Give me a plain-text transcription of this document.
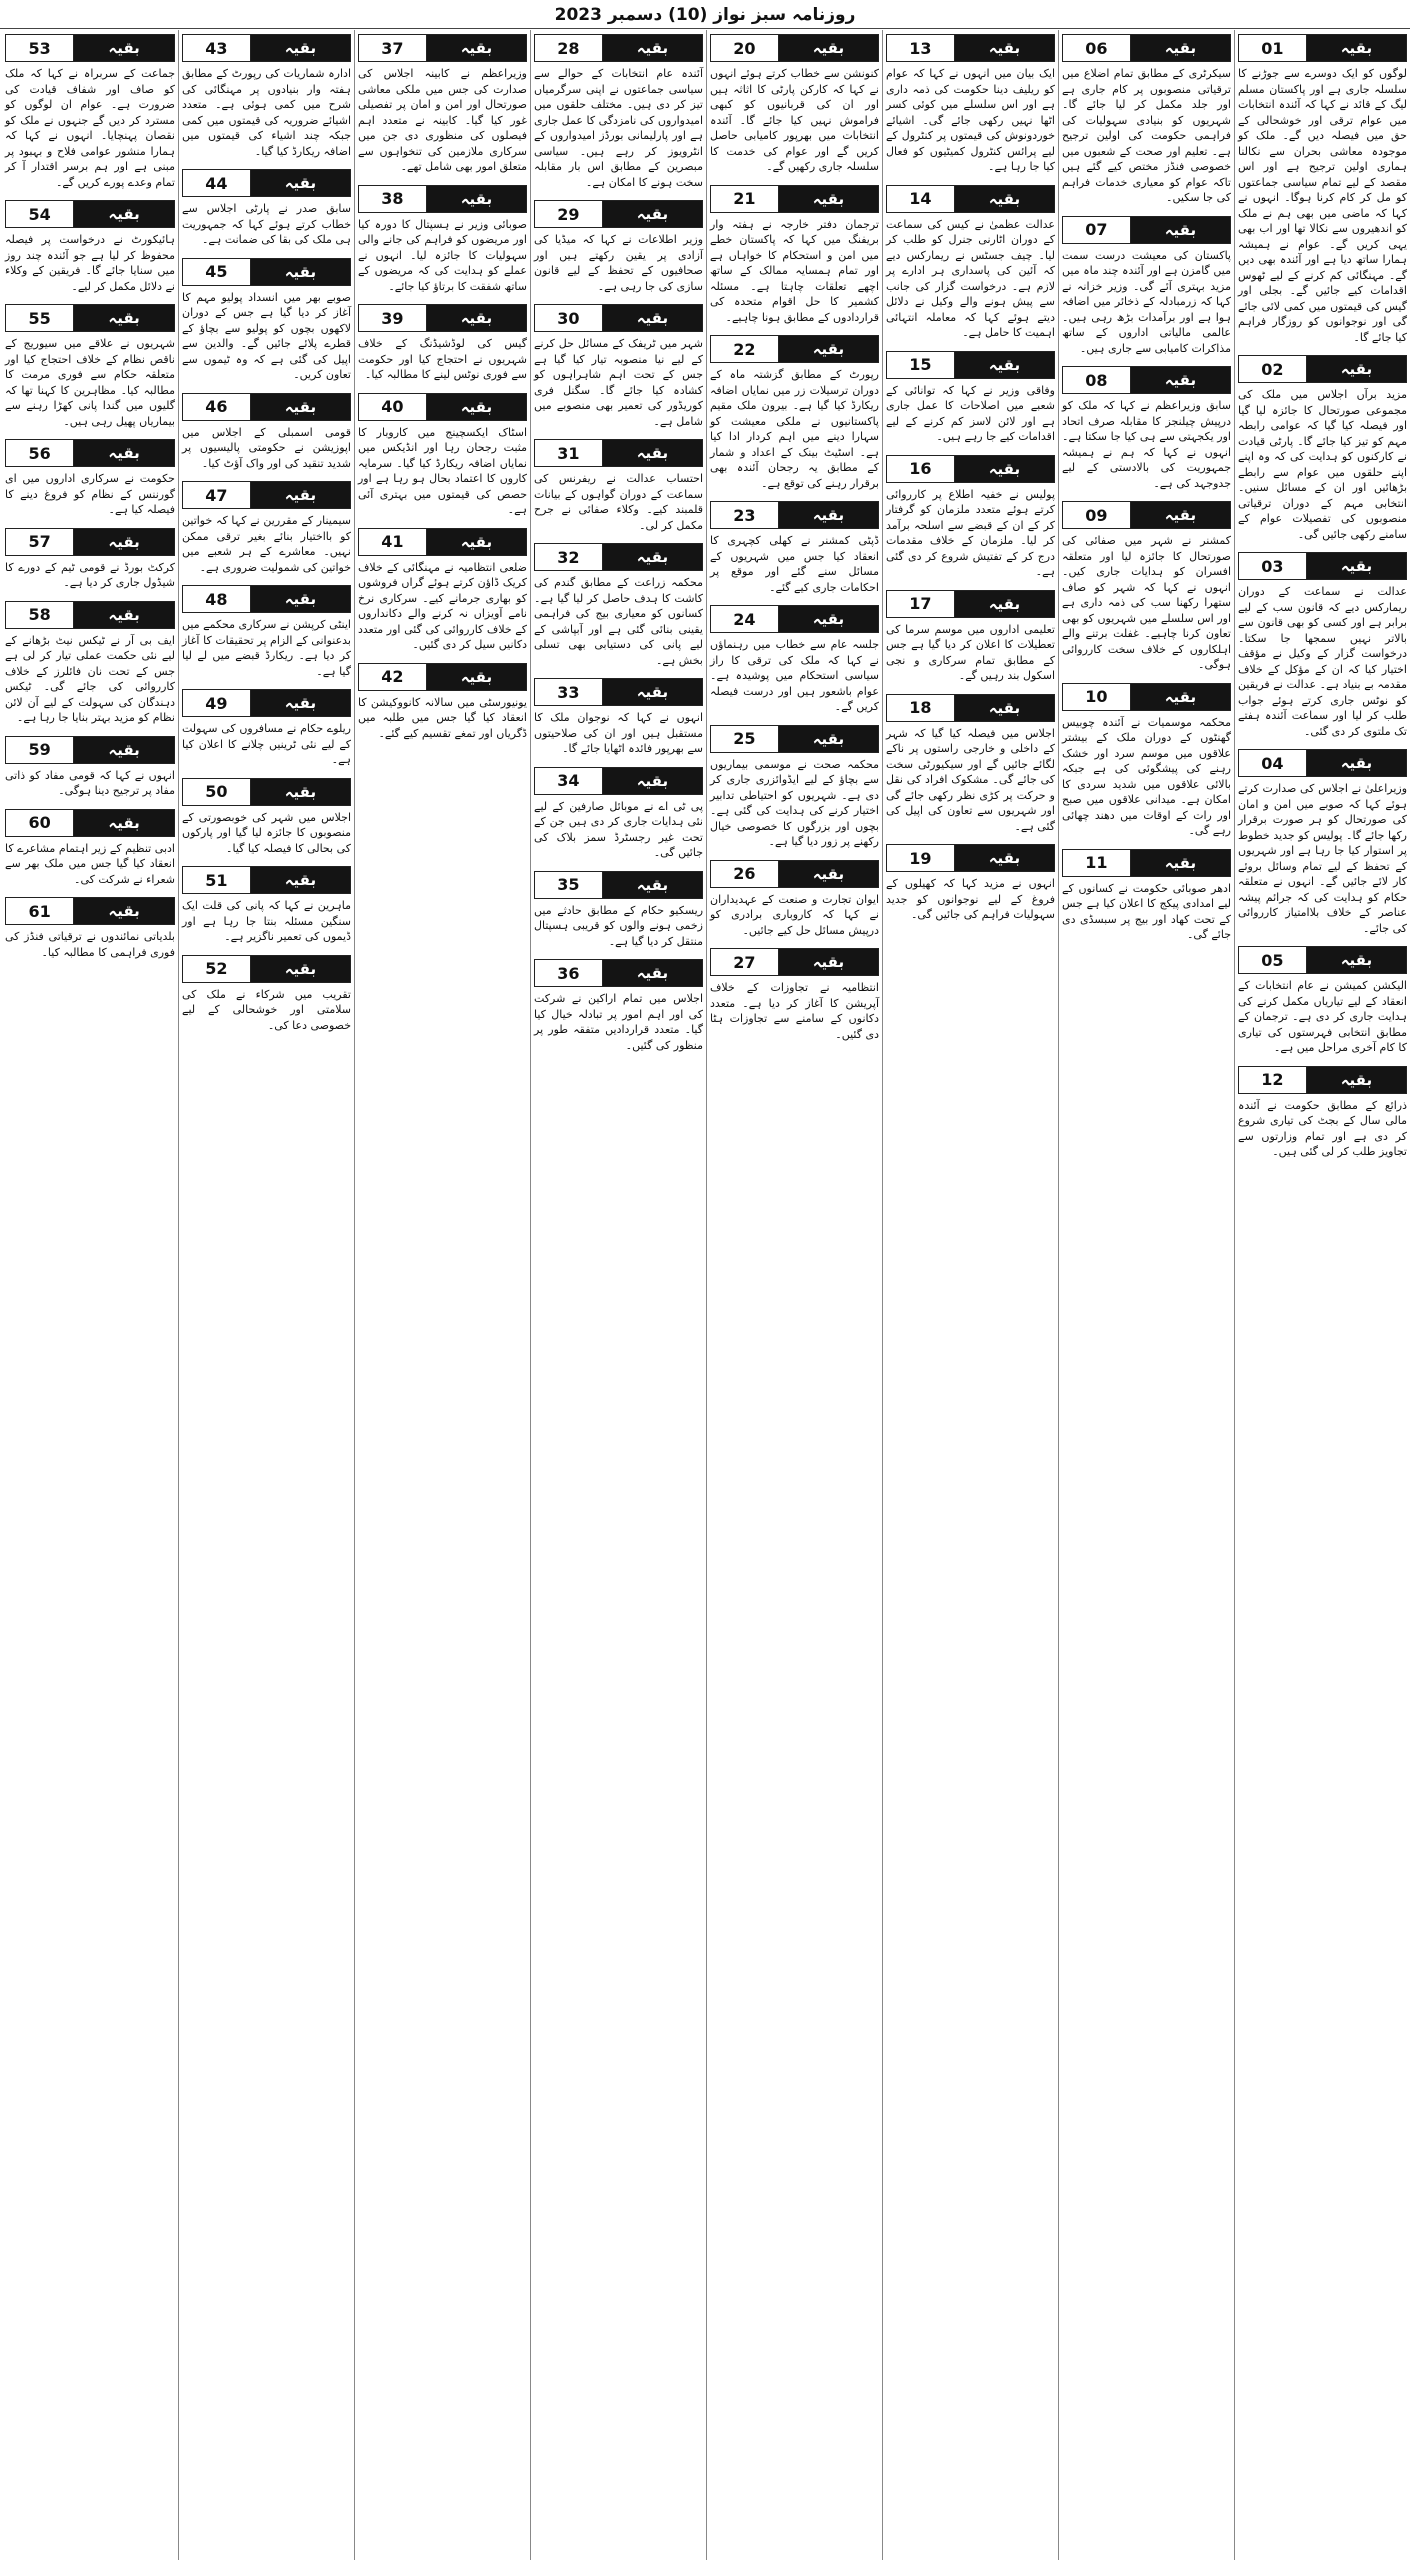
روزنامہ سبز نواز (10) دسمبر 2023
01	بقیہ

لوگوں کو ایک دوسرے سے جوڑنے کا سلسلہ جاری ہے اور پاکستان مسلم لیگ کے قائد نے کہا کہ آئندہ انتخابات میں عوام ترقی اور خوشحالی کے حق میں فیصلہ دیں گے۔ ملک کو موجودہ معاشی بحران سے نکالنا ہماری اولین ترجیح ہے اور اس مقصد کے لیے تمام سیاسی جماعتوں کو مل کر کام کرنا ہوگا۔ انہوں نے کہا کہ ماضی میں بھی ہم نے ملک کو اندھیروں سے نکالا تھا اور اب بھی یہی کریں گے۔ عوام نے ہمیشہ ہمارا ساتھ دیا ہے اور آئندہ بھی دیں گے۔ مہنگائی کم کرنے کے لیے ٹھوس اقدامات کیے جائیں گے۔ بجلی اور گیس کی قیمتوں میں کمی لائی جائے گی اور نوجوانوں کو روزگار فراہم کیا جائے گا۔

02	بقیہ

مزید برآں اجلاس میں ملک کی مجموعی صورتحال کا جائزہ لیا گیا اور فیصلہ کیا گیا کہ عوامی رابطہ مہم کو تیز کیا جائے گا۔ پارٹی قیادت نے کارکنوں کو ہدایت کی کہ وہ اپنے اپنے حلقوں میں عوام سے رابطے بڑھائیں اور ان کے مسائل سنیں۔ انتخابی مہم کے دوران ترقیاتی منصوبوں کی تفصیلات عوام کے سامنے رکھی جائیں گی۔

03	بقیہ

عدالت نے سماعت کے دوران ریمارکس دیے کہ قانون سب کے لیے برابر ہے اور کسی کو بھی قانون سے بالاتر نہیں سمجھا جا سکتا۔ درخواست گزار کے وکیل نے مؤقف اختیار کیا کہ ان کے مؤکل کے خلاف مقدمہ بے بنیاد ہے۔ عدالت نے فریقین کو نوٹس جاری کرتے ہوئے جواب طلب کر لیا اور سماعت آئندہ ہفتے تک ملتوی کر دی گئی۔

04	بقیہ

وزیراعلیٰ نے اجلاس کی صدارت کرتے ہوئے کہا کہ صوبے میں امن و امان کی صورتحال کو ہر صورت برقرار رکھا جائے گا۔ پولیس کو جدید خطوط پر استوار کیا جا رہا ہے اور شہریوں کے تحفظ کے لیے تمام وسائل بروئے کار لائے جائیں گے۔ انہوں نے متعلقہ حکام کو ہدایت کی کہ جرائم پیشہ عناصر کے خلاف بلاامتیاز کارروائی کی جائے۔

05	بقیہ

الیکشن کمیشن نے عام انتخابات کے انعقاد کے لیے تیاریاں مکمل کرنے کی ہدایت جاری کر دی ہے۔ ترجمان کے مطابق انتخابی فہرستوں کی تیاری کا کام آخری مراحل میں ہے۔

12	بقیہ

ذرائع کے مطابق حکومت نے آئندہ مالی سال کے بجٹ کی تیاری شروع کر دی ہے اور تمام وزارتوں سے تجاویز طلب کر لی گئی ہیں۔

06	بقیہ

سیکرٹری کے مطابق تمام اضلاع میں ترقیاتی منصوبوں پر کام جاری ہے اور جلد مکمل کر لیا جائے گا۔ شہریوں کو بنیادی سہولیات کی فراہمی حکومت کی اولین ترجیح ہے۔ تعلیم اور صحت کے شعبوں میں خصوصی فنڈز مختص کیے گئے ہیں تاکہ عوام کو معیاری خدمات فراہم کی جا سکیں۔

07	بقیہ

پاکستان کی معیشت درست سمت میں گامزن ہے اور آئندہ چند ماہ میں مزید بہتری آئے گی۔ وزیر خزانہ نے کہا کہ زرمبادلہ کے ذخائر میں اضافہ ہوا ہے اور برآمدات بڑھ رہی ہیں۔ عالمی مالیاتی اداروں کے ساتھ مذاکرات کامیابی سے جاری ہیں۔

08	بقیہ

سابق وزیراعظم نے کہا کہ ملک کو درپیش چیلنجز کا مقابلہ صرف اتحاد اور یکجہتی سے ہی کیا جا سکتا ہے۔ انہوں نے کہا کہ ہم نے ہمیشہ جمہوریت کی بالادستی کے لیے جدوجہد کی ہے۔

09	بقیہ

کمشنر نے شہر میں صفائی کی صورتحال کا جائزہ لیا اور متعلقہ افسران کو ہدایات جاری کیں۔ انہوں نے کہا کہ شہر کو صاف ستھرا رکھنا سب کی ذمہ داری ہے اور اس سلسلے میں شہریوں کو بھی تعاون کرنا چاہیے۔ غفلت برتنے والے اہلکاروں کے خلاف سخت کارروائی ہوگی۔

10	بقیہ

محکمہ موسمیات نے آئندہ چوبیس گھنٹوں کے دوران ملک کے بیشتر علاقوں میں موسم سرد اور خشک رہنے کی پیشگوئی کی ہے جبکہ بالائی علاقوں میں شدید سردی کا امکان ہے۔ میدانی علاقوں میں صبح اور رات کے اوقات میں دھند چھائی رہے گی۔

11	بقیہ

ادھر صوبائی حکومت نے کسانوں کے لیے امدادی پیکج کا اعلان کیا ہے جس کے تحت کھاد اور بیج پر سبسڈی دی جائے گی۔

13	بقیہ

ایک بیان میں انہوں نے کہا کہ عوام کو ریلیف دینا حکومت کی ذمہ داری ہے اور اس سلسلے میں کوئی کسر اٹھا نہیں رکھی جائے گی۔ اشیائے خوردونوش کی قیمتوں پر کنٹرول کے لیے پرائس کنٹرول کمیٹیوں کو فعال کیا جا رہا ہے۔

14	بقیہ

عدالت عظمیٰ نے کیس کی سماعت کے دوران اٹارنی جنرل کو طلب کر لیا۔ چیف جسٹس نے ریمارکس دیے کہ آئین کی پاسداری ہر ادارے پر لازم ہے۔ درخواست گزار کی جانب سے پیش ہونے والے وکیل نے دلائل دیتے ہوئے کہا کہ معاملہ انتہائی اہمیت کا حامل ہے۔

15	بقیہ

وفاقی وزیر نے کہا کہ توانائی کے شعبے میں اصلاحات کا عمل جاری ہے اور لائن لاسز کم کرنے کے لیے اقدامات کیے جا رہے ہیں۔

16	بقیہ

پولیس نے خفیہ اطلاع پر کارروائی کرتے ہوئے متعدد ملزمان کو گرفتار کر کے ان کے قبضے سے اسلحہ برآمد کر لیا۔ ملزمان کے خلاف مقدمات درج کر کے تفتیش شروع کر دی گئی ہے۔

17	بقیہ

تعلیمی اداروں میں موسم سرما کی تعطیلات کا اعلان کر دیا گیا ہے جس کے مطابق تمام سرکاری و نجی اسکول بند رہیں گے۔

18	بقیہ

اجلاس میں فیصلہ کیا گیا کہ شہر کے داخلی و خارجی راستوں پر ناکے لگائے جائیں گے اور سیکیورٹی سخت کی جائے گی۔ مشکوک افراد کی نقل و حرکت پر کڑی نظر رکھی جائے گی اور شہریوں سے تعاون کی اپیل کی گئی ہے۔

19	بقیہ

انہوں نے مزید کہا کہ کھیلوں کے فروغ کے لیے نوجوانوں کو جدید سہولیات فراہم کی جائیں گی۔

20	بقیہ

کنونشن سے خطاب کرتے ہوئے انہوں نے کہا کہ کارکن پارٹی کا اثاثہ ہیں اور ان کی قربانیوں کو کبھی فراموش نہیں کیا جائے گا۔ آئندہ انتخابات میں بھرپور کامیابی حاصل کریں گے اور عوام کی خدمت کا سلسلہ جاری رکھیں گے۔

21	بقیہ

ترجمان دفتر خارجہ نے ہفتہ وار بریفنگ میں کہا کہ پاکستان خطے میں امن و استحکام کا خواہاں ہے اور تمام ہمسایہ ممالک کے ساتھ اچھے تعلقات چاہتا ہے۔ مسئلہ کشمیر کا حل اقوام متحدہ کی قراردادوں کے مطابق ہونا چاہیے۔

22	بقیہ

رپورٹ کے مطابق گزشتہ ماہ کے دوران ترسیلات زر میں نمایاں اضافہ ریکارڈ کیا گیا ہے۔ بیرون ملک مقیم پاکستانیوں نے ملکی معیشت کو سہارا دینے میں اہم کردار ادا کیا ہے۔ اسٹیٹ بینک کے اعداد و شمار کے مطابق یہ رجحان آئندہ بھی برقرار رہنے کی توقع ہے۔

23	بقیہ

ڈپٹی کمشنر نے کھلی کچہری کا انعقاد کیا جس میں شہریوں کے مسائل سنے گئے اور موقع پر احکامات جاری کیے گئے۔

24	بقیہ

جلسہ عام سے خطاب میں رہنماؤں نے کہا کہ ملک کی ترقی کا راز سیاسی استحکام میں پوشیدہ ہے۔ عوام باشعور ہیں اور درست فیصلہ کریں گے۔

25	بقیہ

محکمہ صحت نے موسمی بیماریوں سے بچاؤ کے لیے ایڈوائزری جاری کر دی ہے۔ شہریوں کو احتیاطی تدابیر اختیار کرنے کی ہدایت کی گئی ہے۔ بچوں اور بزرگوں کا خصوصی خیال رکھنے پر زور دیا گیا ہے۔

26	بقیہ

ایوان تجارت و صنعت کے عہدیداران نے کہا کہ کاروباری برادری کو درپیش مسائل حل کیے جائیں۔

27	بقیہ

انتظامیہ نے تجاوزات کے خلاف آپریشن کا آغاز کر دیا ہے۔ متعدد دکانوں کے سامنے سے تجاوزات ہٹا دی گئیں۔

28	بقیہ

آئندہ عام انتخابات کے حوالے سے سیاسی جماعتوں نے اپنی سرگرمیاں تیز کر دی ہیں۔ مختلف حلقوں میں امیدواروں کی نامزدگی کا عمل جاری ہے اور پارلیمانی بورڈز امیدواروں کے انٹرویوز کر رہے ہیں۔ سیاسی مبصرین کے مطابق اس بار مقابلہ سخت ہونے کا امکان ہے۔

29	بقیہ

وزیر اطلاعات نے کہا کہ میڈیا کی آزادی پر یقین رکھتے ہیں اور صحافیوں کے تحفظ کے لیے قانون سازی کی جا رہی ہے۔

30	بقیہ

شہر میں ٹریفک کے مسائل حل کرنے کے لیے نیا منصوبہ تیار کیا گیا ہے جس کے تحت اہم شاہراہوں کو کشادہ کیا جائے گا۔ سگنل فری کوریڈور کی تعمیر بھی منصوبے میں شامل ہے۔

31	بقیہ

احتساب عدالت نے ریفرنس کی سماعت کے دوران گواہوں کے بیانات قلمبند کیے۔ وکلاء صفائی نے جرح مکمل کر لی۔

32	بقیہ

محکمہ زراعت کے مطابق گندم کی کاشت کا ہدف حاصل کر لیا گیا ہے۔ کسانوں کو معیاری بیج کی فراہمی یقینی بنائی گئی ہے اور آبپاشی کے لیے پانی کی دستیابی بھی تسلی بخش ہے۔

33	بقیہ

انہوں نے کہا کہ نوجوان ملک کا مستقبل ہیں اور ان کی صلاحیتوں سے بھرپور فائدہ اٹھایا جائے گا۔

34	بقیہ

پی ٹی اے نے موبائل صارفین کے لیے نئی ہدایات جاری کر دی ہیں جن کے تحت غیر رجسٹرڈ سمز بلاک کی جائیں گی۔

35	بقیہ

ریسکیو حکام کے مطابق حادثے میں زخمی ہونے والوں کو قریبی ہسپتال منتقل کر دیا گیا ہے۔

36	بقیہ

اجلاس میں تمام اراکین نے شرکت کی اور اہم امور پر تبادلہ خیال کیا گیا۔ متعدد قراردادیں متفقہ طور پر منظور کی گئیں۔

37	بقیہ

وزیراعظم نے کابینہ اجلاس کی صدارت کی جس میں ملکی معاشی صورتحال اور امن و امان پر تفصیلی غور کیا گیا۔ کابینہ نے متعدد اہم فیصلوں کی منظوری دی جن میں سرکاری ملازمین کی تنخواہوں سے متعلق امور بھی شامل تھے۔

38	بقیہ

صوبائی وزیر نے ہسپتال کا دورہ کیا اور مریضوں کو فراہم کی جانے والی سہولیات کا جائزہ لیا۔ انہوں نے عملے کو ہدایت کی کہ مریضوں کے ساتھ شفقت کا برتاؤ کیا جائے۔

39	بقیہ

گیس کی لوڈشیڈنگ کے خلاف شہریوں نے احتجاج کیا اور حکومت سے فوری نوٹس لینے کا مطالبہ کیا۔

40	بقیہ

اسٹاک ایکسچینج میں کاروبار کا مثبت رجحان رہا اور انڈیکس میں نمایاں اضافہ ریکارڈ کیا گیا۔ سرمایہ کاروں کا اعتماد بحال ہو رہا ہے اور حصص کی قیمتوں میں بہتری آئی ہے۔

41	بقیہ

ضلعی انتظامیہ نے مہنگائی کے خلاف کریک ڈاؤن کرتے ہوئے گراں فروشوں کو بھاری جرمانے کیے۔ سرکاری نرخ نامے آویزاں نہ کرنے والے دکانداروں کے خلاف کارروائی کی گئی اور متعدد دکانیں سیل کر دی گئیں۔

42	بقیہ

یونیورسٹی میں سالانہ کانووکیشن کا انعقاد کیا گیا جس میں طلبہ میں ڈگریاں اور تمغے تقسیم کیے گئے۔

43	بقیہ

ادارہ شماریات کی رپورٹ کے مطابق ہفتہ وار بنیادوں پر مہنگائی کی شرح میں کمی ہوئی ہے۔ متعدد اشیائے ضروریہ کی قیمتوں میں کمی جبکہ چند اشیاء کی قیمتوں میں اضافہ ریکارڈ کیا گیا۔

44	بقیہ

سابق صدر نے پارٹی اجلاس سے خطاب کرتے ہوئے کہا کہ جمہوریت ہی ملک کی بقا کی ضمانت ہے۔

45	بقیہ

صوبے بھر میں انسداد پولیو مہم کا آغاز کر دیا گیا ہے جس کے دوران لاکھوں بچوں کو پولیو سے بچاؤ کے قطرے پلائے جائیں گے۔ والدین سے اپیل کی گئی ہے کہ وہ ٹیموں سے تعاون کریں۔

46	بقیہ

قومی اسمبلی کے اجلاس میں اپوزیشن نے حکومتی پالیسیوں پر شدید تنقید کی اور واک آؤٹ کیا۔

47	بقیہ

سیمینار کے مقررین نے کہا کہ خواتین کو بااختیار بنائے بغیر ترقی ممکن نہیں۔ معاشرے کے ہر شعبے میں خواتین کی شمولیت ضروری ہے۔

48	بقیہ

اینٹی کرپشن نے سرکاری محکمے میں بدعنوانی کے الزام پر تحقیقات کا آغاز کر دیا ہے۔ ریکارڈ قبضے میں لے لیا گیا ہے۔

49	بقیہ

ریلوے حکام نے مسافروں کی سہولت کے لیے نئی ٹرینیں چلانے کا اعلان کیا ہے۔

50	بقیہ

اجلاس میں شہر کی خوبصورتی کے منصوبوں کا جائزہ لیا گیا اور پارکوں کی بحالی کا فیصلہ کیا گیا۔

51	بقیہ

ماہرین نے کہا کہ پانی کی قلت ایک سنگین مسئلہ بنتا جا رہا ہے اور ڈیموں کی تعمیر ناگزیر ہے۔

52	بقیہ

تقریب میں شرکاء نے ملک کی سلامتی اور خوشحالی کے لیے خصوصی دعا کی۔

53	بقیہ

جماعت کے سربراہ نے کہا کہ ملک کو صاف اور شفاف قیادت کی ضرورت ہے۔ عوام ان لوگوں کو مسترد کر دیں گے جنہوں نے ملک کو نقصان پہنچایا۔ انہوں نے کہا کہ ہمارا منشور عوامی فلاح و بہبود پر مبنی ہے اور ہم برسر اقتدار آ کر تمام وعدے پورے کریں گے۔

54	بقیہ

ہائیکورٹ نے درخواست پر فیصلہ محفوظ کر لیا ہے جو آئندہ چند روز میں سنایا جائے گا۔ فریقین کے وکلاء نے دلائل مکمل کر لیے۔

55	بقیہ

شہریوں نے علاقے میں سیوریج کے ناقص نظام کے خلاف احتجاج کیا اور متعلقہ حکام سے فوری مرمت کا مطالبہ کیا۔ مظاہرین کا کہنا تھا کہ گلیوں میں گندا پانی کھڑا رہنے سے بیماریاں پھیل رہی ہیں۔

56	بقیہ

حکومت نے سرکاری اداروں میں ای گورننس کے نظام کو فروغ دینے کا فیصلہ کیا ہے۔

57	بقیہ

کرکٹ بورڈ نے قومی ٹیم کے دورے کا شیڈول جاری کر دیا ہے۔

58	بقیہ

ایف بی آر نے ٹیکس نیٹ بڑھانے کے لیے نئی حکمت عملی تیار کر لی ہے جس کے تحت نان فائلرز کے خلاف کارروائی کی جائے گی۔ ٹیکس دہندگان کی سہولت کے لیے آن لائن نظام کو مزید بہتر بنایا جا رہا ہے۔

59	بقیہ

انہوں نے کہا کہ قومی مفاد کو ذاتی مفاد پر ترجیح دینا ہوگی۔

60	بقیہ

ادبی تنظیم کے زیر اہتمام مشاعرے کا انعقاد کیا گیا جس میں ملک بھر سے شعراء نے شرکت کی۔

61	بقیہ

بلدیاتی نمائندوں نے ترقیاتی فنڈز کی فوری فراہمی کا مطالبہ کیا۔
